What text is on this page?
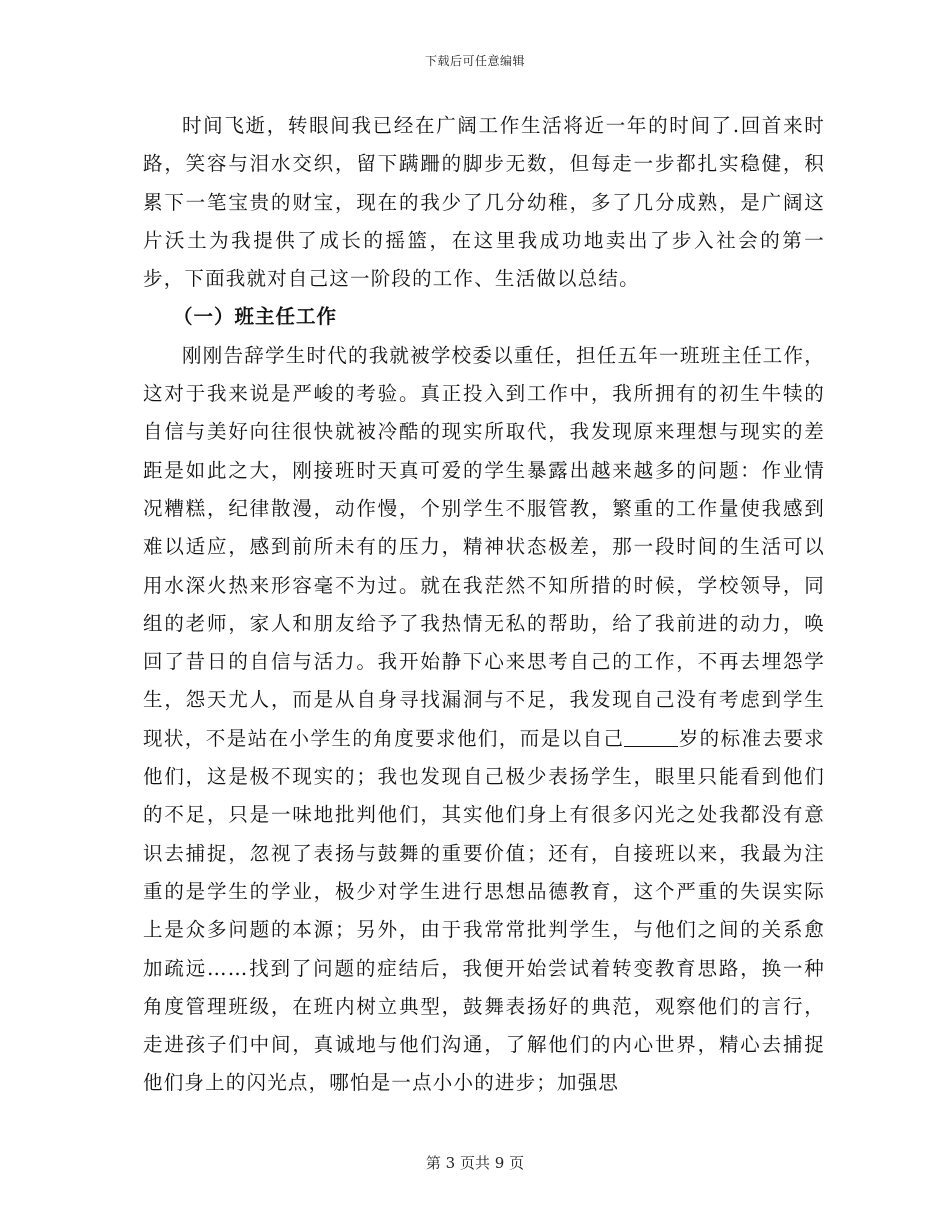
下载后可任意编辑

时间飞逝，转眼间我已经在广阔工作生活将近一年的时间了.回首来时路，笑容与泪水交织，留下蹒跚的脚步无数，但每走一步都扎实稳健，积累下一笔宝贵的财宝，现在的我少了几分幼稚，多了几分成熟，是广阔这片沃土为我提供了成长的摇篮，在这里我成功地卖出了步入社会的第一步，下面我就对自己这一阶段的工作、生活做以总结。

（一）班主任工作

刚刚告辞学生时代的我就被学校委以重任，担任五年一班班主任工作，这对于我来说是严峻的考验。真正投入到工作中，我所拥有的初生牛犊的自信与美好向往很快就被冷酷的现实所取代，我发现原来理想与现实的差距是如此之大，刚接班时天真可爱的学生暴露出越来越多的问题：作业情况糟糕，纪律散漫，动作慢，个别学生不服管教，繁重的工作量使我感到难以适应，感到前所未有的压力，精神状态极差，那一段时间的生活可以用水深火热来形容毫不为过。就在我茫然不知所措的时候，学校领导，同组的老师，家人和朋友给予了我热情无私的帮助，给了我前进的动力，唤回了昔日的自信与活力。我开始静下心来思考自己的工作，不再去埋怨学生，怨天尤人，而是从自身寻找漏洞与不足，我发现自己没有考虑到学生现状，不是站在小学生的角度要求他们，而是以自己	岁的标准去要求他们，这是极不现实的；我也发现自己极少表扬学生，眼里只能看到他们的不足，只是一味地批判他们，其实他们身上有很多闪光之处我都没有意识去捕捉，忽视了表扬与鼓舞的重要价值；还有，自接班以来，我最为注重的是学生的学业，极少对学生进行思想品德教育，这个严重的失误实际上是众多问题的本源；另外，由于我常常批判学生，与他们之间的关系愈加疏远……找到了问题的症结后，我便开始尝试着转变教育思路，换一种角度管理班级，在班内树立典型，鼓舞表扬好的典范，观察他们的言行，走进孩子们中间，真诚地与他们沟通，了解他们的内心世界，精心去捕捉他们身上的闪光点，哪怕是一点小小的进步；加强思

第 3 页共 9 页
